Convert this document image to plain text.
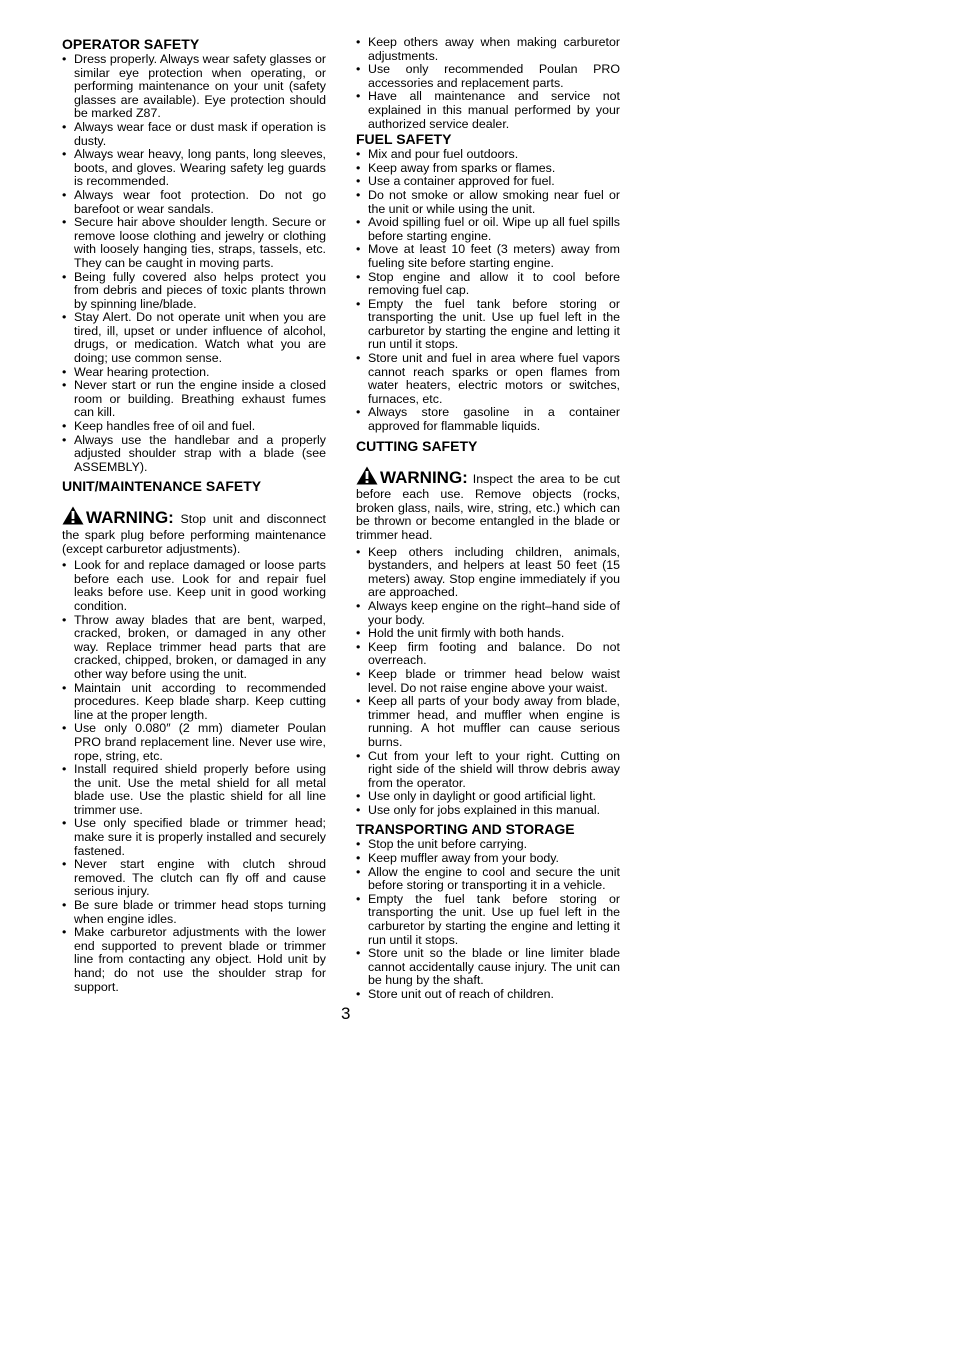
OPERATOR SAFETY
• Dress properly. Always wear safety glasses or similar eye protection when operating, or performing maintenance on your unit (safety glasses are available). Eye protection should be marked Z87.
• Always wear face or dust mask if operation is dusty.
• Always wear heavy, long pants, long sleeves, boots, and gloves. Wearing safety leg guards is recommended.
• Always wear foot protection. Do not go barefoot or wear sandals.
• Secure hair above shoulder length. Secure or remove loose clothing and jewelry or clothing with loosely hanging ties, straps, tassels, etc. They can be caught in moving parts.
• Being fully covered also helps protect you from debris and pieces of toxic plants thrown by spinning line/blade.
• Stay Alert. Do not operate unit when you are tired, ill, upset or under influence of alcohol, drugs, or medication. Watch what you are doing; use common sense.
• Wear hearing protection.
• Never start or run the engine inside a closed room or building. Breathing exhaust fumes can kill.
• Keep handles free of oil and fuel.
• Always use the handlebar and a properly adjusted shoulder strap with a blade (see ASSEMBLY).
UNIT/MAINTENANCE SAFETY
WARNING: Stop unit and disconnect the spark plug before performing maintenance (except carburetor adjustments).
• Look for and replace damaged or loose parts before each use. Look for and repair fuel leaks before use. Keep unit in good working condition.
• Throw away blades that are bent, warped, cracked, broken, or damaged in any other way. Replace trimmer head parts that are cracked, chipped, broken, or damaged in any other way before using the unit.
• Maintain unit according to recommended procedures. Keep blade sharp. Keep cutting line at the proper length.
• Use only 0.080″ (2 mm) diameter Poulan PRO brand replacement line. Never use wire, rope, string, etc.
• Install required shield properly before using the unit. Use the metal shield for all metal blade use. Use the plastic shield for all line trimmer use.
• Use only specified blade or trimmer head; make sure it is properly installed and securely fastened.
• Never start engine with clutch shroud removed. The clutch can fly off and cause serious injury.
• Be sure blade or trimmer head stops turning when engine idles.
• Make carburetor adjustments with the lower end supported to prevent blade or trimmer line from contacting any object. Hold unit by hand; do not use the shoulder strap for support.
• Keep others away when making carburetor adjustments.
• Use only recommended Poulan PRO accessories and replacement parts.
• Have all maintenance and service not explained in this manual performed by your authorized service dealer.
FUEL SAFETY
• Mix and pour fuel outdoors.
• Keep away from sparks or flames.
• Use a container approved for fuel.
• Do not smoke or allow smoking near fuel or the unit or while using the unit.
• Avoid spilling fuel or oil. Wipe up all fuel spills before starting engine.
• Move at least 10 feet (3 meters) away from fueling site before starting engine.
• Stop engine and allow it to cool before removing fuel cap.
• Empty the fuel tank before storing or transporting the unit. Use up fuel left in the carburetor by starting the engine and letting it run until it stops.
• Store unit and fuel in area where fuel vapors cannot reach sparks or open flames from water heaters, electric motors or switches, furnaces, etc.
• Always store gasoline in a container approved for flammable liquids.
CUTTING SAFETY
WARNING: Inspect the area to be cut before each use. Remove objects (rocks, broken glass, nails, wire, string, etc.) which can be thrown or become entangled in the blade or trimmer head.
• Keep others including children, animals, bystanders, and helpers at least 50 feet (15 meters) away. Stop engine immediately if you are approached.
• Always keep engine on the right–hand side of your body.
• Hold the unit firmly with both hands.
• Keep firm footing and balance. Do not overreach.
• Keep blade or trimmer head below waist level. Do not raise engine above your waist.
• Keep all parts of your body away from blade, trimmer head, and muffler when engine is running. A hot muffler can cause serious burns.
• Cut from your left to your right. Cutting on right side of the shield will throw debris away from the operator.
• Use only in daylight or good artificial light.
• Use only for jobs explained in this manual.
TRANSPORTING AND STORAGE
• Stop the unit before carrying.
• Keep muffler away from your body.
• Allow the engine to cool and secure the unit before storing or transporting it in a vehicle.
• Empty the fuel tank before storing or transporting the unit. Use up fuel left in the carburetor by starting the engine and letting it run until it stops.
• Store unit so the blade or line limiter blade cannot accidentally cause injury. The unit can be hung by the shaft.
• Store unit out of reach of children.
3
